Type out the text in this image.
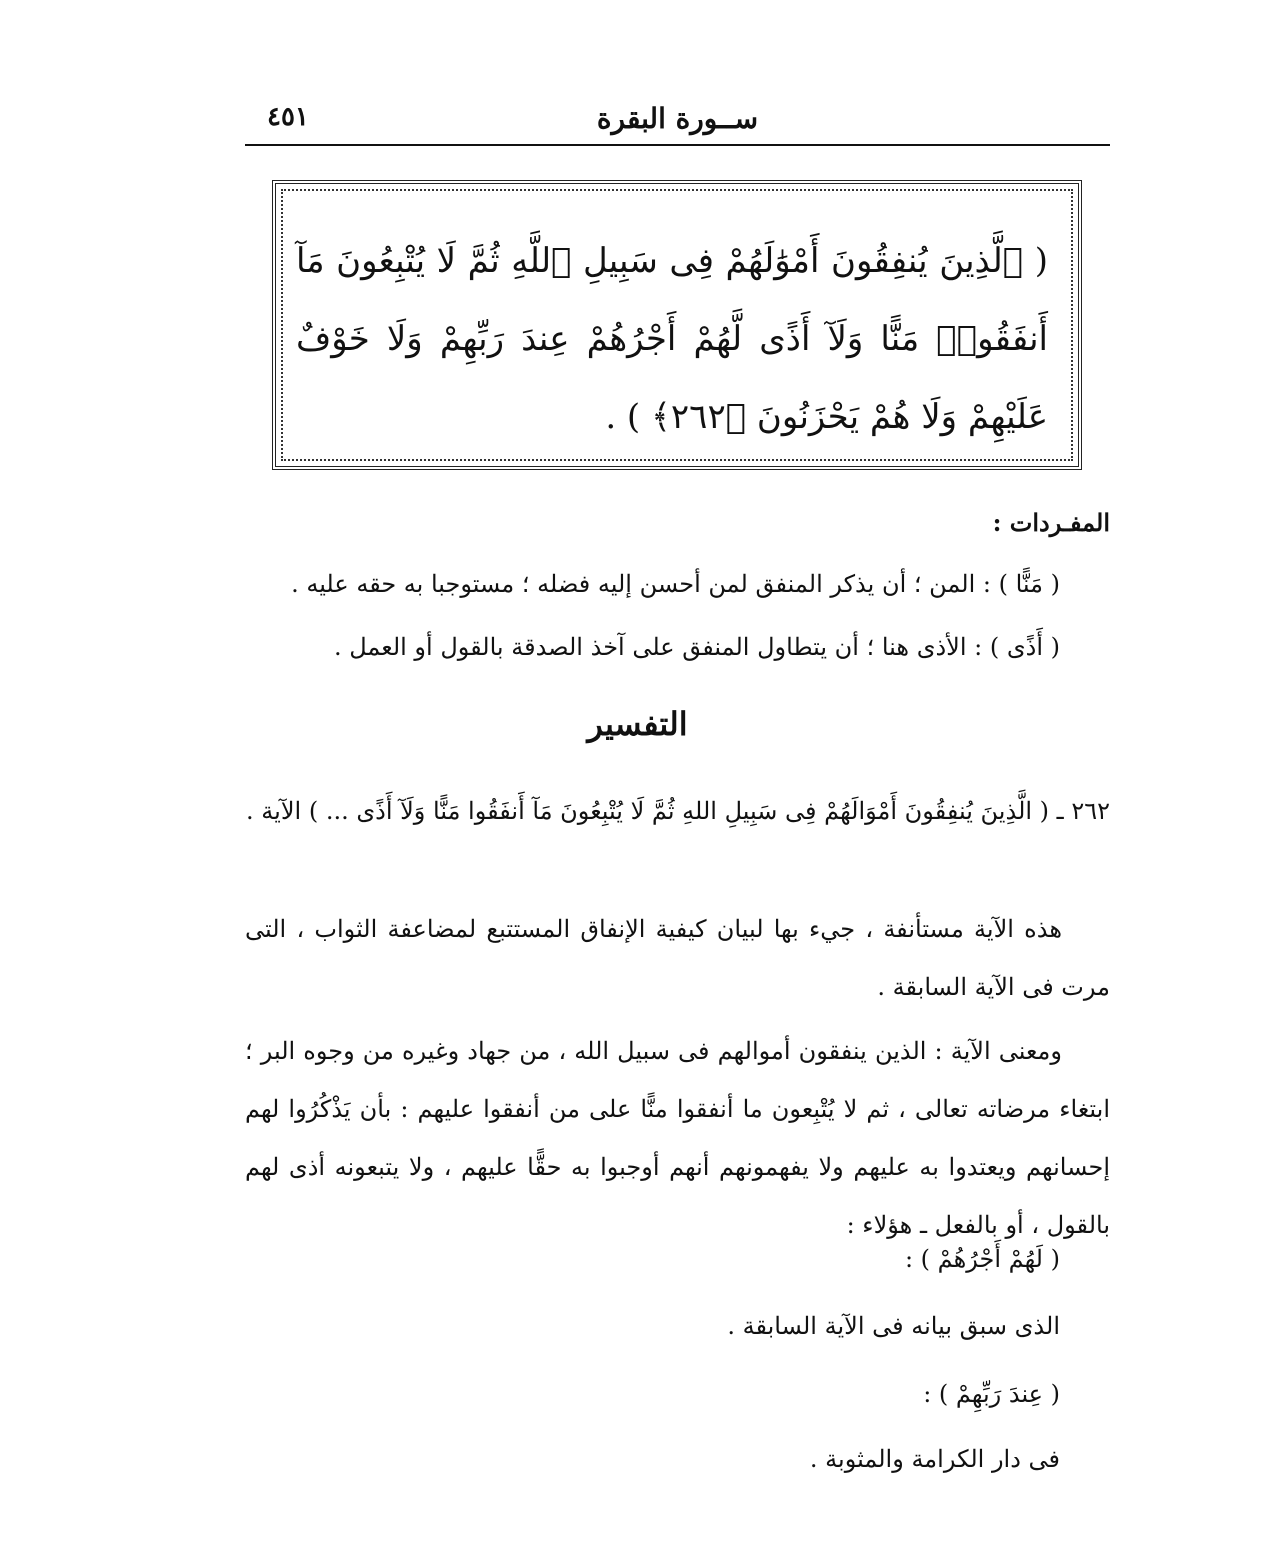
٤٥١	ســورة البقرة
( ٱلَّذِينَ يُنفِقُونَ أَمْوَٰلَهُمْ فِى سَبِيلِ ٱللَّهِ ثُمَّ لَا يُتْبِعُونَ مَآ أَنفَقُوا۟ مَنًّا وَلَآ أَذًى لَّهُمْ أَجْرُهُمْ عِندَ رَبِّهِمْ وَلَا خَوْفٌ عَلَيْهِمْ وَلَا هُمْ يَحْزَنُونَ ﴿٢٦٢﴾ ) .
المفـردات :
( مَنًّا ) : المن ؛ أن يذكر المنفق لمن أحسن إليه فضله ؛ مستوجبا به حقه عليه .
( أَذًى ) : الأذى هنا ؛ أن يتطاول المنفق على آخذ الصدقة بالقول أو العمل .
التفسير
٢٦٢ ـ ( الَّذِينَ يُنفِقُونَ أَمْوَالَهُمْ فِى سَبِيلِ اللهِ ثُمَّ لَا يُتْبِعُونَ مَآ أَنفَقُوا مَنًّا وَلَآ أَذًى ... ) الآية .
هذه الآية مستأنفة ، جيء بها لبيان كيفية الإنفاق المستتبع لمضاعفة الثواب ، التى مرت فى الآية السابقة .
ومعنى الآية : الذين ينفقون أموالهم فى سبيل الله ، من جهاد وغيره من وجوه البر ؛ ابتغاء مرضاته تعالى ، ثم لا يُتْبِعون ما أنفقوا منًّا على من أنفقوا عليهم : بأن يَذْكُرُوا لهم إحسانهم ويعتدوا به عليهم ولا يفهمونهم أنهم أوجبوا به حقًّا عليهم ، ولا يتبعونه أذى لهم بالقول ، أو بالفعل ـ هؤلاء :
( لَهُمْ أَجْرُهُمْ ) :
الذى سبق بيانه فى الآية السابقة .
( عِندَ رَبِّهِمْ ) :
فى دار الكرامة والمثوبة .
